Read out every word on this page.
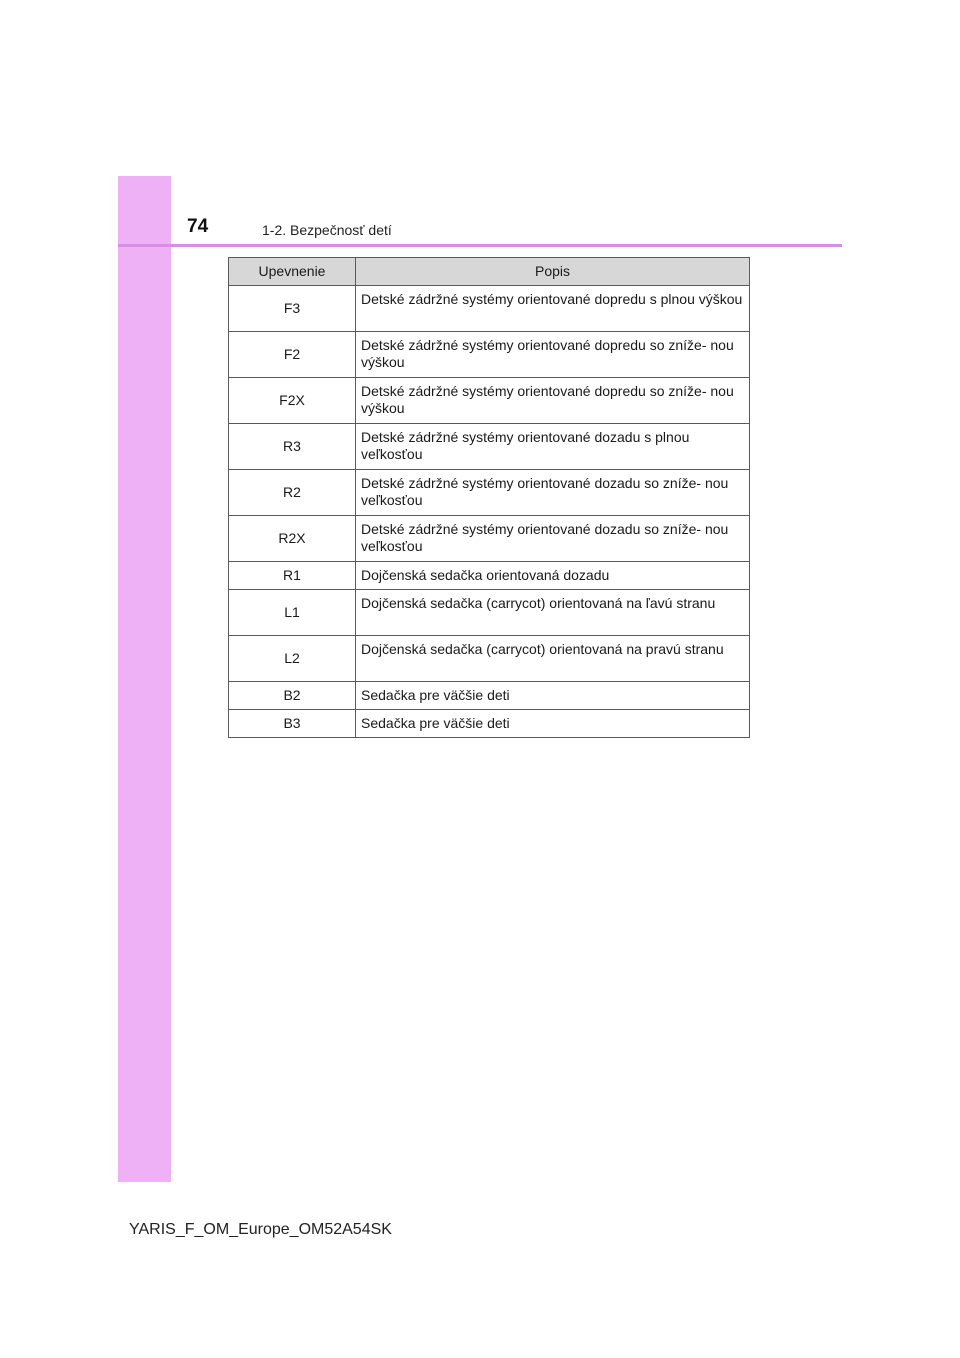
74	1-2. Bezpečnosť detí
Upevnenie	Popis
F3	Detské zádržné systémy orientované dopredu s plnou výškou
F2	Detské zádržné systémy orientované dopredu so zníže- nou výškou
F2X	Detské zádržné systémy orientované dopredu so zníže- nou výškou
R3	Detské zádržné systémy orientované dozadu s plnou veľkosťou
R2	Detské zádržné systémy orientované dozadu so zníže- nou veľkosťou
R2X	Detské zádržné systémy orientované dozadu so zníže- nou veľkosťou
R1	Dojčenská sedačka orientovaná dozadu
L1	Dojčenská sedačka (carrycot) orientovaná na ľavú stranu
L2	Dojčenská sedačka (carrycot) orientovaná na pravú stranu
B2	Sedačka pre väčšie deti
B3	Sedačka pre väčšie deti
YARIS_F_OM_Europe_OM52A54SK
